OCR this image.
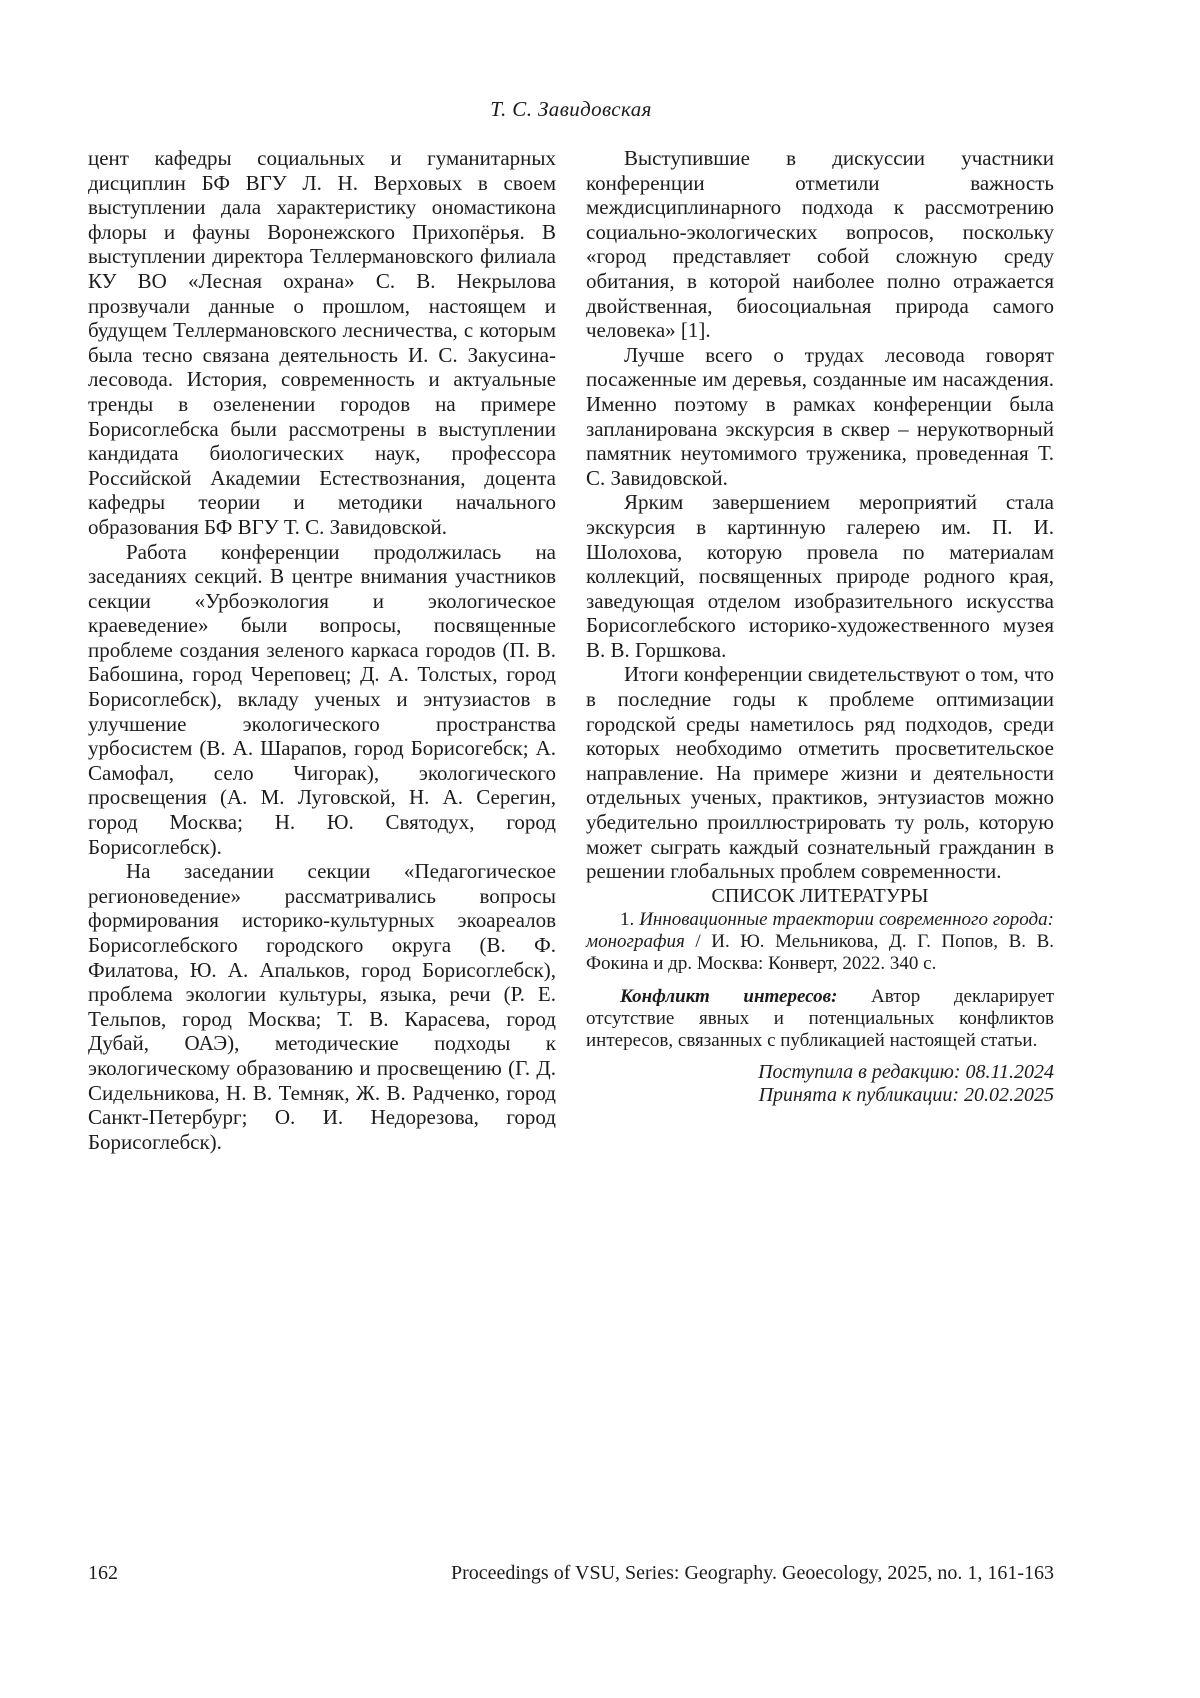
Т. С. Завидовская

цент кафедры социальных и гуманитарных дисциплин БФ ВГУ Л. Н. Верховых в своем выступлении дала характеристику ономастикона флоры и фауны Воронежского Прихопёрья. В выступлении директора Теллермановского филиала КУ ВО «Лесная охрана» С. В. Некрылова прозвучали данные о прошлом, настоящем и будущем Теллермановского лесничества, с которым была тесно связана деятельность И. С. Закусина-лесовода. История, современность и актуальные тренды в озеленении городов на примере Борисоглебска были рассмотрены в выступлении кандидата биологических наук, профессора Российской Академии Естествознания, доцента кафедры теории и методики начального образования БФ ВГУ Т. С. Завидовской.

Работа конференции продолжилась на заседаниях секций. В центре внимания участников секции «Урбоэкология и экологическое краеведение» были вопросы, посвященные проблеме создания зеленого каркаса городов (П. В. Бабошина, город Череповец; Д. А. Толстых, город Борисоглебск), вкладу ученых и энтузиастов в улучшение экологического пространства урбосистем (В. А. Шарапов, город Борисогебск; А. Самофал, село Чигорак), экологического просвещения (А. М. Луговской, Н. А. Серегин, город Москва; Н. Ю. Святодух, город Борисоглебск).

На заседании секции «Педагогическое регионоведение» рассматривались вопросы формирования историко-культурных экоареалов Борисоглебского городского округа (В. Ф. Филатова, Ю. А. Апальков, город Борисоглебск), проблема экологии культуры, языка, речи (Р. Е. Тельпов, город Москва; Т. В. Карасева, город Дубай, ОАЭ), методические подходы к экологическому образованию и просвещению (Г. Д. Сидельникова, Н. В. Темняк, Ж. В. Радченко, город Санкт-Петербург; О. И. Недорезова, город Борисоглебск).

Выступившие в дискуссии участники конференции отметили важность междисциплинарного подхода к рассмотрению социально-экологических вопросов, поскольку «город представляет собой сложную среду обитания, в которой наиболее полно отражается двойственная, биосоциальная природа самого человека» [1].

Лучше всего о трудах лесовода говорят посаженные им деревья, созданные им насаждения. Именно поэтому в рамках конференции была запланирована экскурсия в сквер – нерукотворный памятник неутомимого труженика, проведенная Т. С. Завидовской.

Ярким завершением мероприятий стала экскурсия в картинную галерею им. П. И. Шолохова, которую провела по материалам коллекций, посвященных природе родного края, заведующая отделом изобразительного искусства Борисоглебского историко-художественного музея В. В. Горшкова.

Итоги конференции свидетельствуют о том, что в последние годы к проблеме оптимизации городской среды наметилось ряд подходов, среди которых необходимо отметить просветительское направление. На примере жизни и деятельности отдельных ученых, практиков, энтузиастов можно убедительно проиллюстрировать ту роль, которую может сыграть каждый сознательный гражданин в решении глобальных проблем современности.

СПИСОК ЛИТЕРАТУРЫ

1. Инновационные траектории современного города: монография / И. Ю. Мельникова, Д. Г. Попов, В. В. Фокина и др. Москва: Конверт, 2022. 340 с.

Конфликт интересов: Автор декларирует отсутствие явных и потенциальных конфликтов интересов, связанных с публикацией настоящей статьи.

Поступила в редакцию: 08.11.2024

Принята к публикации: 20.02.2025

162	Proceedings of VSU, Series: Geography. Geoecology, 2025, no. 1, 161-163
